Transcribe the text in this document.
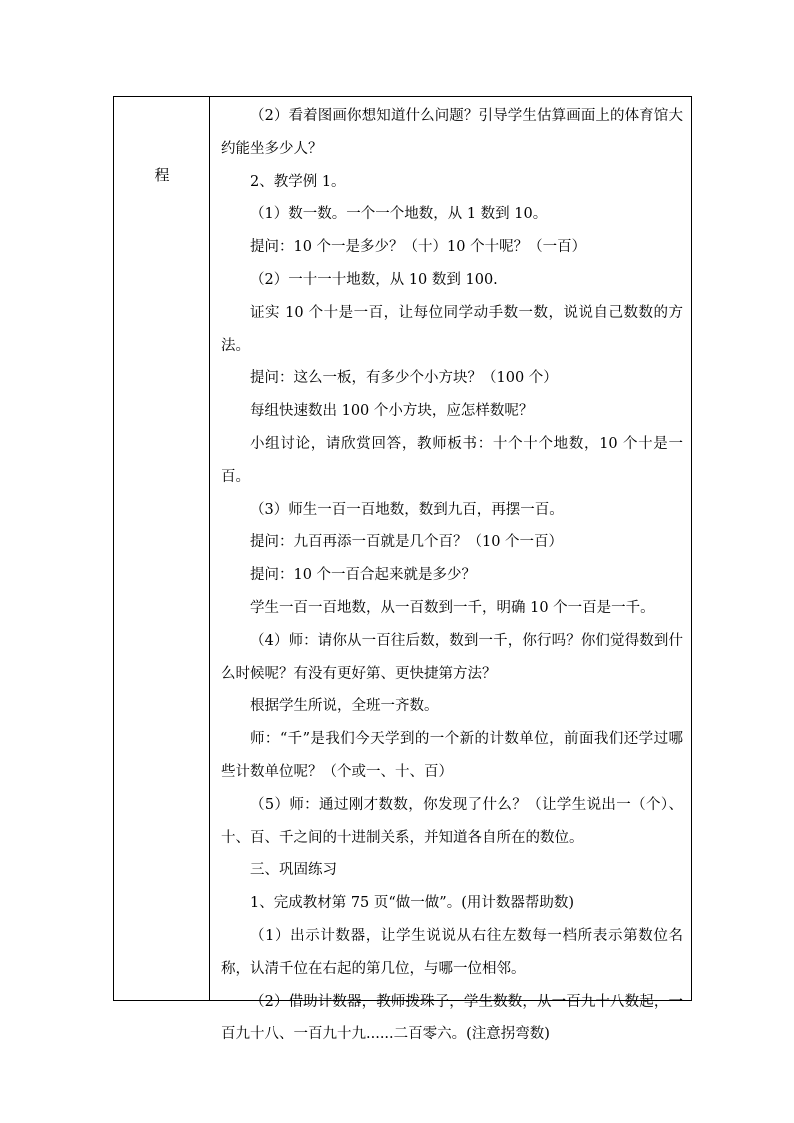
程

（2）看着图画你想知道什么问题？引导学生估算画面上的体育馆大约能坐多少人？

2、教学例 1。

（1）数一数。一个一个地数，从 1 数到 10。

提问：10 个一是多少？（十）10 个十呢？（一百）

（2）一十一十地数，从 10 数到 100.

证实 10 个十是一百，让每位同学动手数一数，说说自己数数的方法。

提问：这么一板，有多少个小方块？（100 个）

每组快速数出 100 个小方块，应怎样数呢？

小组讨论，请欣赏回答，教师板书：十个十个地数，10 个十是一百。

（3）师生一百一百地数，数到九百，再摆一百。

提问：九百再添一百就是几个百？（10 个一百）

提问：10 个一百合起来就是多少？

学生一百一百地数，从一百数到一千，明确 10 个一百是一千。

（4）师：请你从一百往后数，数到一千，你行吗？你们觉得数到什么时候呢？有没有更好第、更快捷第方法？

根据学生所说，全班一齐数。

师：“千”是我们今天学到的一个新的计数单位，前面我们还学过哪些计数单位呢？（个或一、十、百）

（5）师：通过刚才数数，你发现了什么？（让学生说出一（个）、十、百、千之间的十进制关系，并知道各自所在的数位。

三、巩固练习

1、完成教材第 75 页“做一做”。(用计数器帮助数)

（1）出示计数器，让学生说说从右往左数每一档所表示第数位名称，认清千位在右起的第几位，与哪一位相邻。

（2）借助计数器，教师拨珠子，学生数数，从一百九十八数起，一百九十八、一百九十九......二百零六。(注意拐弯数)
